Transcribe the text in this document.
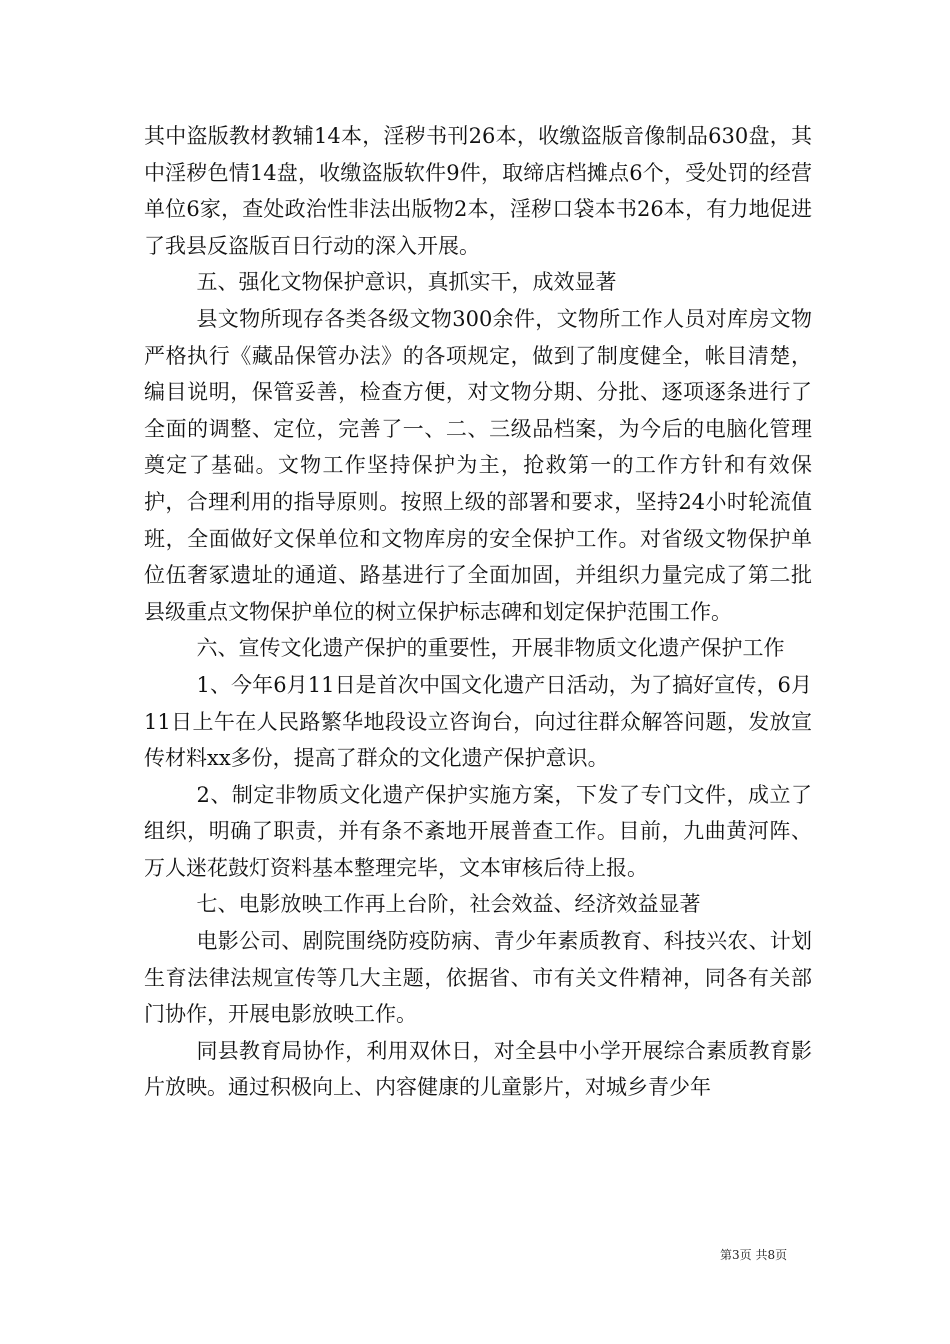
其中盗版教材教辅14本，淫秽书刊26本，收缴盗版音像制品630盘，其中淫秽色情14盘，收缴盗版软件9件，取缔店档摊点6个，受处罚的经营单位6家，查处政治性非法出版物2本，淫秽口袋本书26本，有力地促进了我县反盗版百日行动的深入开展。

五、强化文物保护意识，真抓实干，成效显著

县文物所现存各类各级文物300余件，文物所工作人员对库房文物严格执行《藏品保管办法》的各项规定，做到了制度健全，帐目清楚，编目说明，保管妥善，检查方便，对文物分期、分批、逐项逐条进行了全面的调整、定位，完善了一、二、三级品档案，为今后的电脑化管理奠定了基础。文物工作坚持保护为主，抢救第一的工作方针和有效保护，合理利用的指导原则。按照上级的部署和要求，坚持24小时轮流值班，全面做好文保单位和文物库房的安全保护工作。对省级文物保护单位伍奢冢遗址的通道、路基进行了全面加固，并组织力量完成了第二批县级重点文物保护单位的树立保护标志碑和划定保护范围工作。

六、宣传文化遗产保护的重要性，开展非物质文化遗产保护工作

1、今年6月11日是首次中国文化遗产日活动，为了搞好宣传，6月11日上午在人民路繁华地段设立咨询台，向过往群众解答问题，发放宣传材料xx多份，提高了群众的文化遗产保护意识。

2、制定非物质文化遗产保护实施方案，下发了专门文件，成立了组织，明确了职责，并有条不紊地开展普查工作。目前，九曲黄河阵、万人迷花鼓灯资料基本整理完毕，文本审核后待上报。

七、电影放映工作再上台阶，社会效益、经济效益显著

电影公司、剧院围绕防疫防病、青少年素质教育、科技兴农、计划生育法律法规宣传等几大主题，依据省、市有关文件精神，同各有关部门协作，开展电影放映工作。

同县教育局协作，利用双休日，对全县中小学开展综合素质教育影片放映。通过积极向上、内容健康的儿童影片，对城乡青少年

第3页 共8页
